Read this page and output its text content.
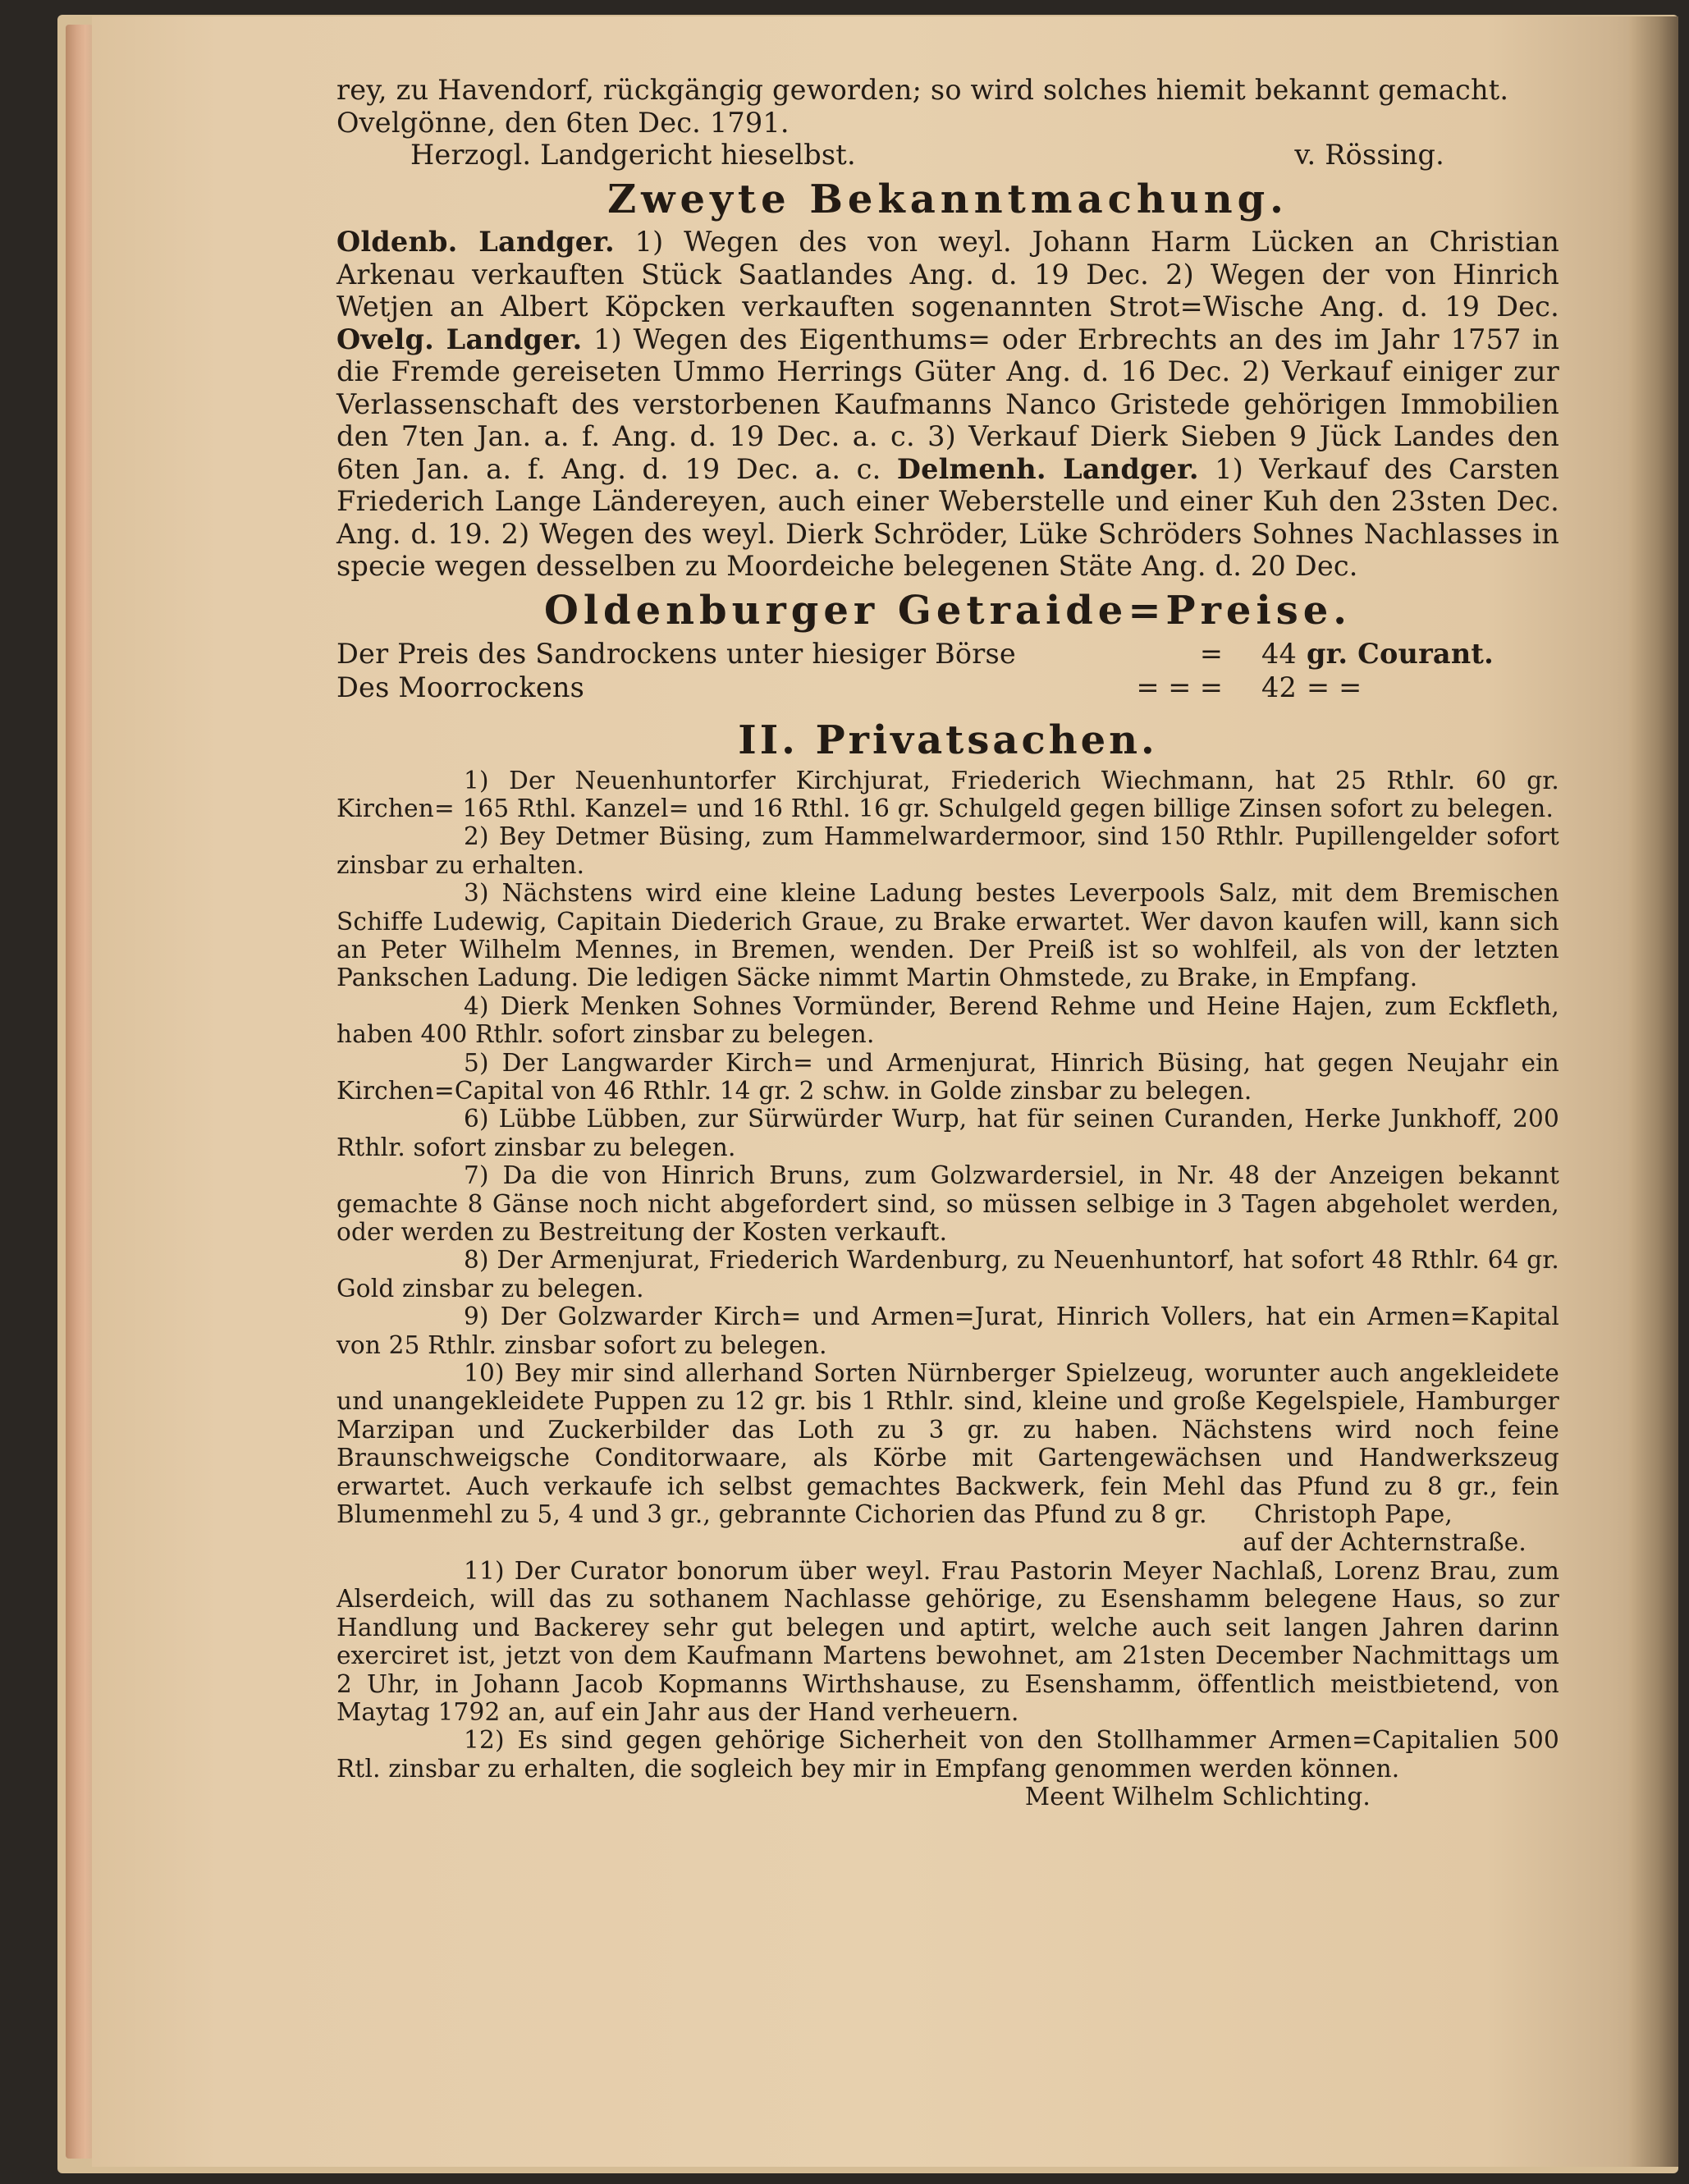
rey, zu Havendorf, rückgängig geworden; so wird solches hiemit bekannt gemacht.

Ovelgönne, den 6ten Dec. 1791.

Herzogl. Landgericht hieselbst.	v. Rössing.
Zweyte Bekanntmachung.

Oldenb. Landger. 1) Wegen des von weyl. Johann Harm Lücken an Christian Arkenau verkauften Stück Saatlandes Ang. d. 19 Dec. 2) Wegen der von Hinrich Wetjen an Albert Köpcken verkauften sogenannten Strot=Wische Ang. d. 19 Dec. Ovelg. Landger. 1) Wegen des Eigenthums= oder Erbrechts an des im Jahr 1757 in die Fremde gereiseten Ummo Herrings Güter Ang. d. 16 Dec. 2) Verkauf einiger zur Verlassenschaft des verstorbenen Kaufmanns Nanco Gristede gehörigen Immobilien den 7ten Jan. a. f. Ang. d. 19 Dec. a. c. 3) Verkauf Dierk Sieben 9 Jück Landes den 6ten Jan. a. f. Ang. d. 19 Dec. a. c. Delmenh. Landger. 1) Verkauf des Carsten Friederich Lange Ländereyen, auch einer Weberstelle und einer Kuh den 23sten Dec. Ang. d. 19. 2) Wegen des weyl. Dierk Schröder, Lüke Schröders Sohnes Nachlasses in specie wegen desselben zu Moordeiche belegenen Stäte Ang. d. 20 Dec.

Oldenburger Getraide=Preise.
Der Preis des Sandrockens unter hiesiger Börse	=	44 gr. Courant.
Des Moorrockens	= = =	42 = =
II. Privatsachen.

1) Der Neuenhuntorfer Kirchjurat, Friederich Wiechmann, hat 25 Rthlr. 60 gr. Kirchen= 165 Rthl. Kanzel= und 16 Rthl. 16 gr. Schulgeld gegen billige Zinsen sofort zu belegen.

2) Bey Detmer Büsing, zum Hammelwardermoor, sind 150 Rthlr. Pupillengelder sofort zinsbar zu erhalten.

3) Nächstens wird eine kleine Ladung bestes Leverpools Salz, mit dem Bremischen Schiffe Ludewig, Capitain Diederich Graue, zu Brake erwartet. Wer davon kaufen will, kann sich an Peter Wilhelm Mennes, in Bremen, wenden. Der Preiß ist so wohlfeil, als von der letzten Pankschen Ladung. Die ledigen Säcke nimmt Martin Ohmstede, zu Brake, in Empfang.

4) Dierk Menken Sohnes Vormünder, Berend Rehme und Heine Hajen, zum Eckfleth, haben 400 Rthlr. sofort zinsbar zu belegen.

5) Der Langwarder Kirch= und Armenjurat, Hinrich Büsing, hat gegen Neujahr ein Kirchen=Capital von 46 Rthlr. 14 gr. 2 schw. in Golde zinsbar zu belegen.

6) Lübbe Lübben, zur Sürwürder Wurp, hat für seinen Curanden, Herke Junkhoff, 200 Rthlr. sofort zinsbar zu belegen.

7) Da die von Hinrich Bruns, zum Golzwardersiel, in Nr. 48 der Anzeigen bekannt gemachte 8 Gänse noch nicht abgefordert sind, so müssen selbige in 3 Tagen abgeholet werden, oder werden zu Bestreitung der Kosten verkauft.

8) Der Armenjurat, Friederich Wardenburg, zu Neuenhuntorf, hat sofort 48 Rthlr. 64 gr. Gold zinsbar zu belegen.

9) Der Golzwarder Kirch= und Armen=Jurat, Hinrich Vollers, hat ein Armen=Kapital von 25 Rthlr. zinsbar sofort zu belegen.

10) Bey mir sind allerhand Sorten Nürnberger Spielzeug, worunter auch angekleidete und unangekleidete Puppen zu 12 gr. bis 1 Rthlr. sind, kleine und große Kegelspiele, Hamburger Marzipan und Zuckerbilder das Loth zu 3 gr. zu haben. Nächstens wird noch feine Braunschweigsche Conditorwaare, als Körbe mit Gartengewächsen und Handwerkszeug erwartet. Auch verkaufe ich selbst gemachtes Backwerk, fein Mehl das Pfund zu 8 gr., fein Blumenmehl zu 5, 4 und 3 gr., gebrannte Cichorien das Pfund zu 8 gr.	Christoph Pape,
auf der Achternstraße.

11) Der Curator bonorum über weyl. Frau Pastorin Meyer Nachlaß, Lorenz Brau, zum Alserdeich, will das zu sothanem Nachlasse gehörige, zu Esenshamm belegene Haus, so zur Handlung und Backerey sehr gut belegen und aptirt, welche auch seit langen Jahren darinn exerciret ist, jetzt von dem Kaufmann Martens bewohnet, am 21sten December Nachmittags um 2 Uhr, in Johann Jacob Kopmanns Wirthshause, zu Esenshamm, öffentlich meistbietend, von Maytag 1792 an, auf ein Jahr aus der Hand verheuern.

12) Es sind gegen gehörige Sicherheit von den Stollhammer Armen=Capitalien 500 Rtl. zinsbar zu erhalten, die sogleich bey mir in Empfang genommen werden können.

Meent Wilhelm Schlichting.
